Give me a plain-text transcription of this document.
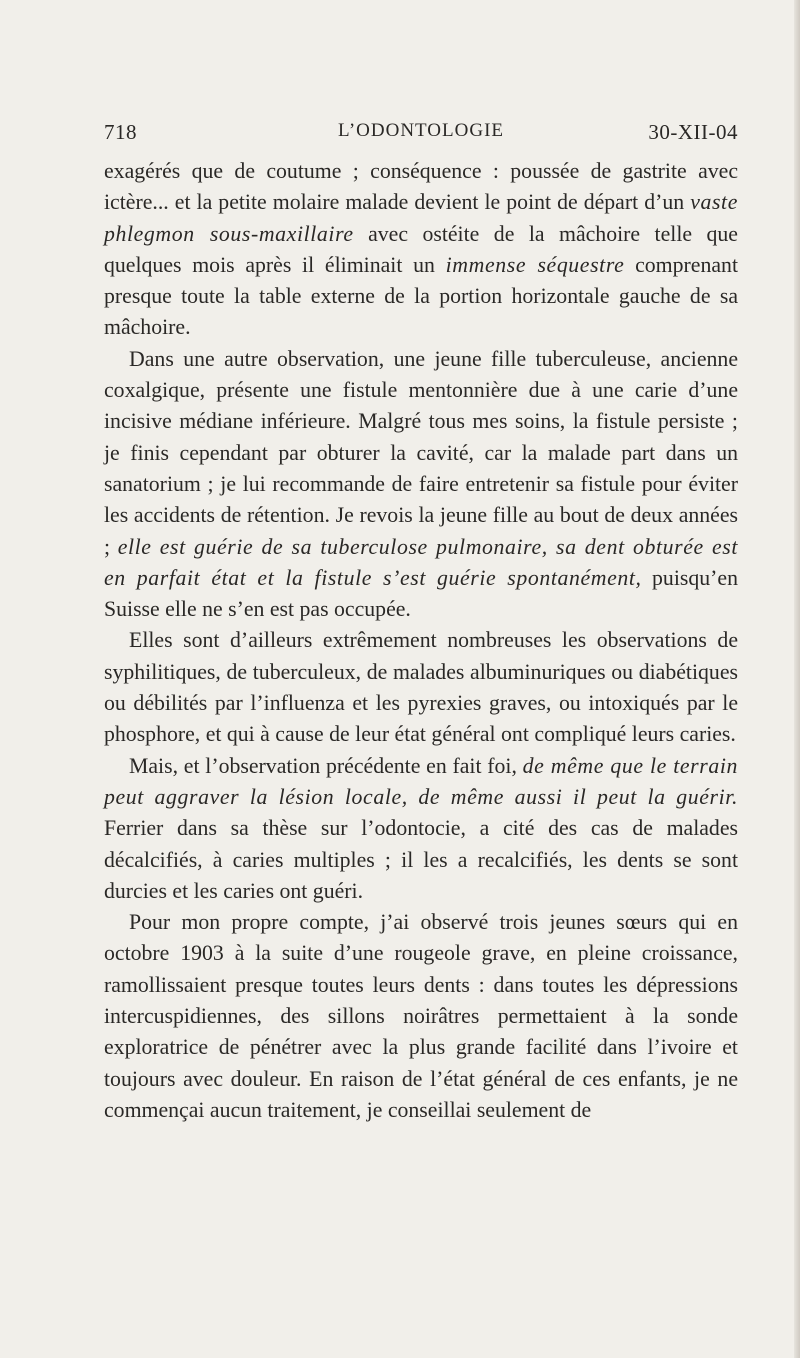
718	L’ODONTOLOGIE	30-XII-04

exagérés que de coutume ; conséquence : poussée de gastrite avec ictère... et la petite molaire malade devient le point de départ d’un vaste phlegmon sous-maxillaire avec ostéite de la mâchoire telle que quelques mois après il éliminait un immense séquestre comprenant presque toute la table externe de la portion horizontale gauche de sa mâchoire.

Dans une autre observation, une jeune fille tuberculeuse, ancienne coxalgique, présente une fistule mentonnière due à une carie d’une incisive médiane inférieure. Malgré tous mes soins, la fistule persiste ; je finis cependant par obturer la cavité, car la malade part dans un sanatorium ; je lui recommande de faire entretenir sa fistule pour éviter les accidents de rétention. Je revois la jeune fille au bout de deux années ; elle est guérie de sa tuberculose pulmonaire, sa dent obturée est en parfait état et la fistule s’est guérie spontanément, puisqu’en Suisse elle ne s’en est pas occupée.

Elles sont d’ailleurs extrêmement nombreuses les observations de syphilitiques, de tuberculeux, de malades albuminuriques ou diabétiques ou débilités par l’influenza et les pyrexies graves, ou intoxiqués par le phosphore, et qui à cause de leur état général ont compliqué leurs caries.

Mais, et l’observation précédente en fait foi, de même que le terrain peut aggraver la lésion locale, de même aussi il peut la guérir. Ferrier dans sa thèse sur l’odontocie, a cité des cas de malades décalcifiés, à caries multiples ; il les a recalcifiés, les dents se sont durcies et les caries ont guéri.

Pour mon propre compte, j’ai observé trois jeunes sœurs qui en octobre 1903 à la suite d’une rougeole grave, en pleine croissance, ramollissaient presque toutes leurs dents : dans toutes les dépressions intercuspidiennes, des sillons noirâtres permettaient à la sonde exploratrice de pénétrer avec la plus grande facilité dans l’ivoire et toujours avec douleur. En raison de l’état général de ces enfants, je ne commençai aucun traitement, je conseillai seulement de
